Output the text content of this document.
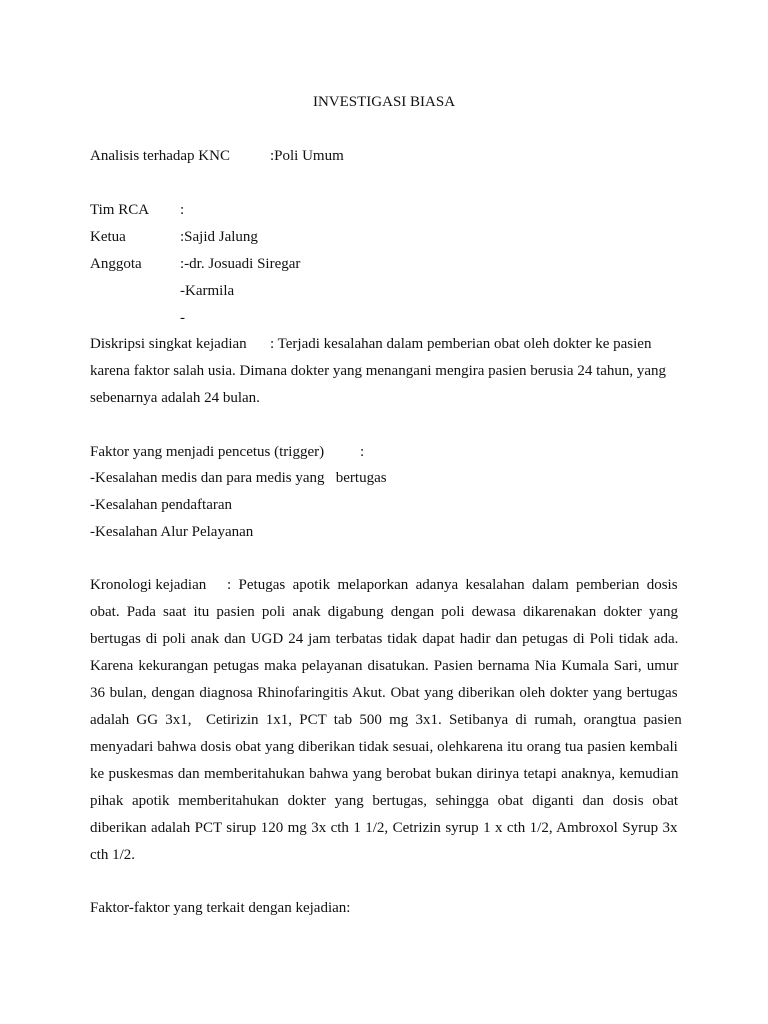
INVESTIGASI BIASA
Analisis terhadap KNC	:Poli Umum
Tim RCA :
Ketua	:Sajid Jalung
Anggota	:-dr. Josuadi Siregar
-Karmila
-
Diskripsi singkat kejadian : Terjadi kesalahan dalam pemberian obat oleh dokter ke pasien
karena faktor salah usia. Dimana dokter yang menangani mengira pasien berusia 24 tahun, yang
sebenarnya adalah 24 bulan.
Faktor yang menjadi pencetus (trigger) :
-Kesalahan medis dan para medis yang   bertugas
-Kesalahan pendaftaran
-Kesalahan Alur Pelayanan
Kronologi kejadian : Petugas apotik melaporkan adanya kesalahan dalam pemberian dosis
obat. Pada saat itu pasien poli anak digabung dengan poli dewasa dikarenakan dokter yang
bertugas di poli anak dan UGD 24 jam terbatas tidak dapat hadir dan petugas di Poli tidak ada.
Karena kekurangan petugas maka pelayanan disatukan. Pasien bernama Nia Kumala Sari, umur
36 bulan, dengan diagnosa Rhinofaringitis Akut. Obat yang diberikan oleh dokter yang bertugas
adalah GG 3x1,  Cetirizin 1x1, PCT tab 500 mg 3x1. Setibanya di rumah, orangtua pasien
menyadari bahwa dosis obat yang diberikan tidak sesuai, olehkarena itu orang tua pasien kembali
ke puskesmas dan memberitahukan bahwa yang berobat bukan dirinya tetapi anaknya, kemudian
pihak apotik memberitahukan dokter yang bertugas, sehingga obat diganti dan dosis obat
diberikan adalah PCT sirup 120 mg 3x cth 1 1/2, Cetrizin syrup 1 x cth 1/2, Ambroxol Syrup 3x
cth 1/2.
Faktor-faktor yang terkait dengan kejadian:
